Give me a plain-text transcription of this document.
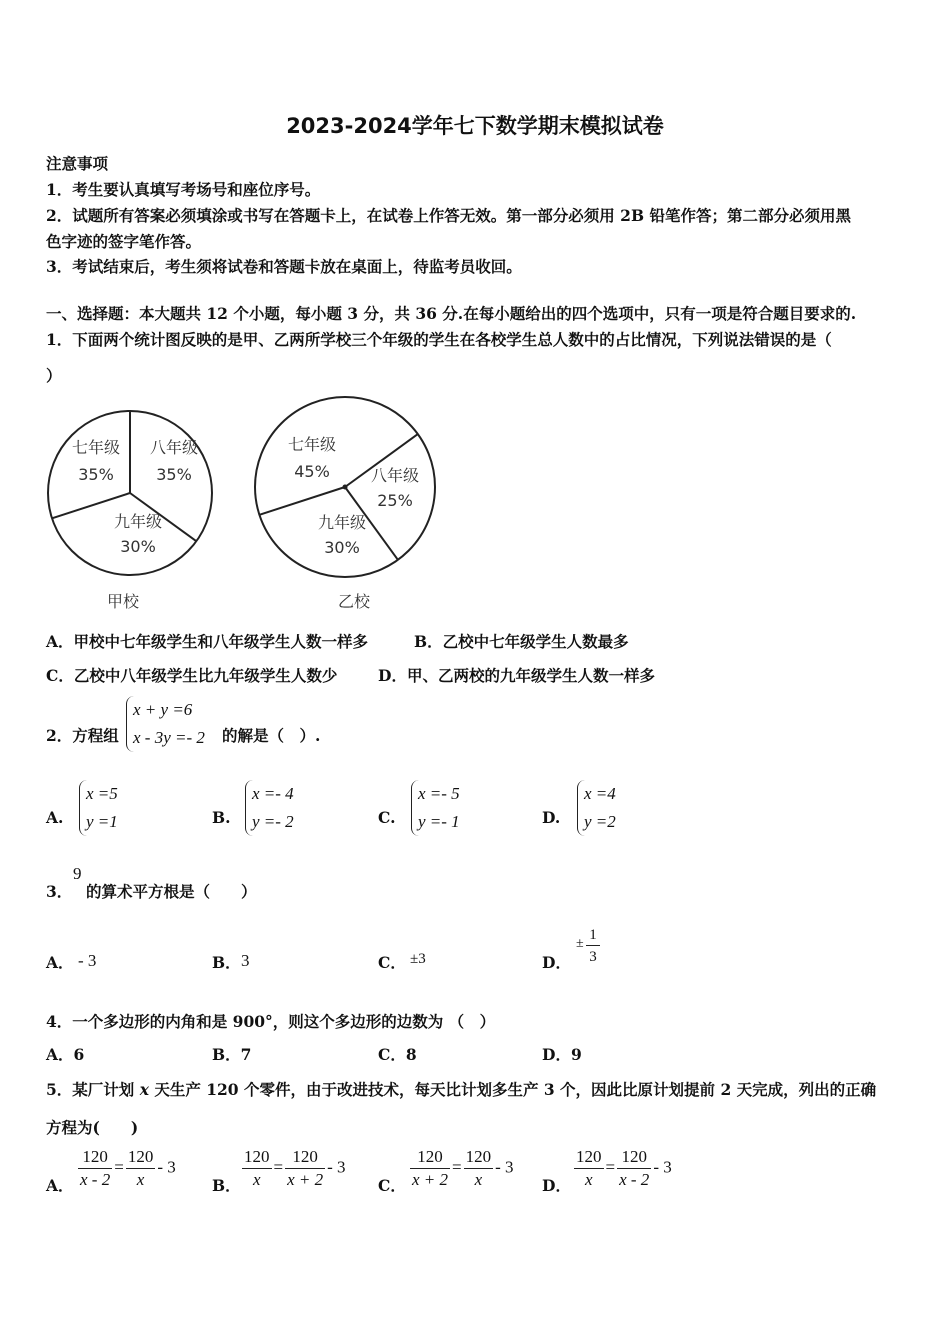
2023-2024学年七下数学期末模拟试卷
注意事项
1．考生要认真填写考场号和座位序号。
2．试题所有答案必须填涂或书写在答题卡上，在试卷上作答无效。第一部分必须用 2B 铅笔作答；第二部分必须用黑
色字迹的签字笔作答。
3．考试结束后，考生须将试卷和答题卡放在桌面上，待监考员收回。
一、选择题：本大题共 12 个小题，每小题 3 分，共 36 分.在每小题给出的四个选项中，只有一项是符合题目要求的.
1．下面两个统计图反映的是甲、乙两所学校三个年级的学生在各校学生总人数中的占比情况，下列说法错误的是（
）
七年级
35%
八年级
35%
九年级
30%
甲校
七年级
45%	八年级
25%
九年级
30%
乙校
A．甲校中七年级学生和八年级学生人数一样多	B．乙校中七年级学生人数最多
C．乙校中八年级学生比九年级学生人数少	D．甲、乙两校的九年级学生人数一样多
2．方程组
x + y =6
x - 3y =- 2 的解是（　）.
A.
x =5
y =1	B.
x =- 4
y =- 2	C.
x =- 5
y =- 1	D.
x =4
y =2
3．
9
的算术平方根是（　　）
A． - 3	B． 3	C． ±3	D．
± $\frac{1}{3}$
4．一个多边形的内角和是 900°，则这个多边形的边数为 （　）
A．6	B．7	C．8	D．9
5．某厂计划 x 天生产 120 个零件，由于改进技术，每天比计划多生产 3 个，因此比原计划提前 2 天完成，列出的正确
方程为(　　)
A． $\frac{120}{x - 2} = \frac{120}{x} - 3$
B． $\frac{120}{x} = \frac{120}{x + 2} - 3$
C． $\frac{120}{x + 2} = \frac{120}{x} - 3$
D． $\frac{120}{x} = \frac{120}{x - 2} - 3$
